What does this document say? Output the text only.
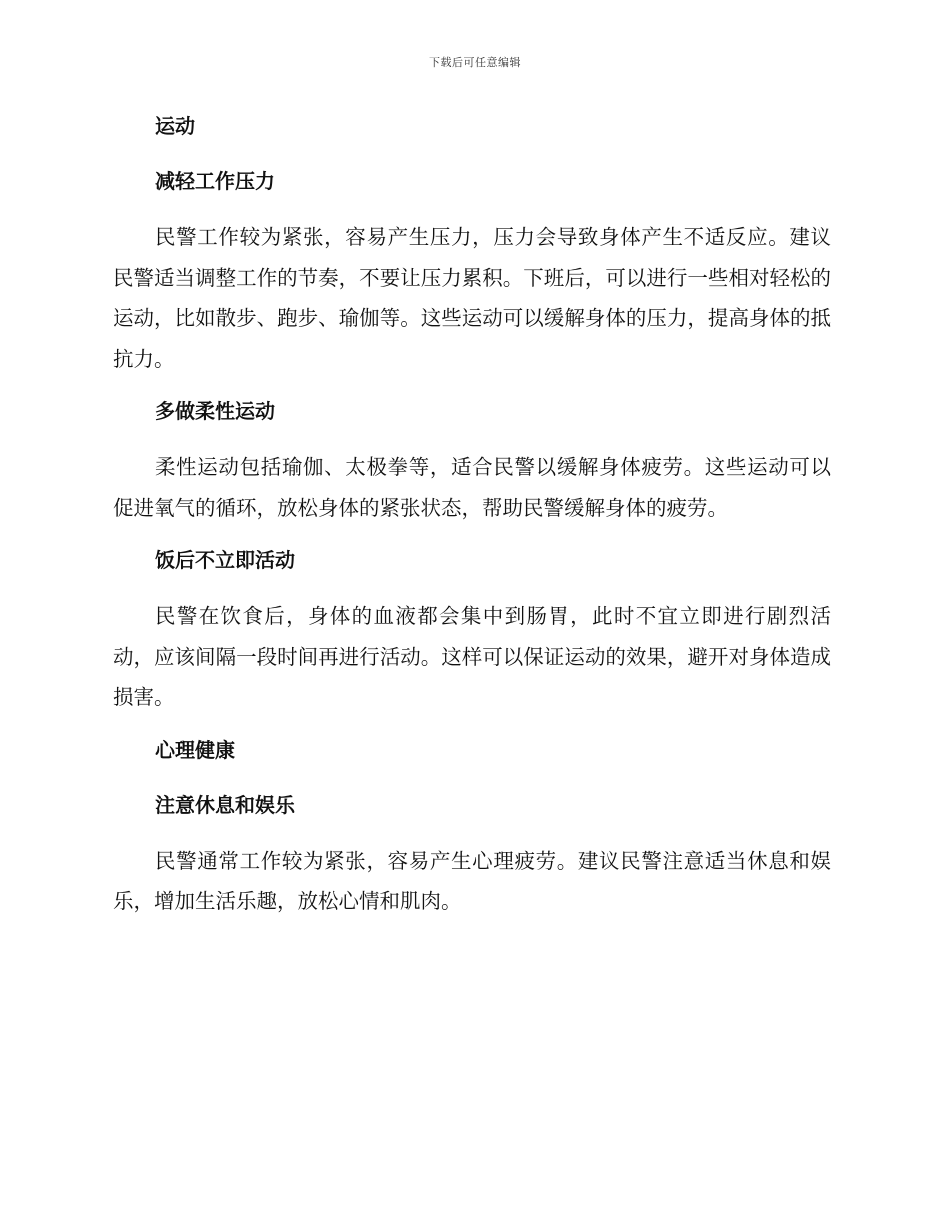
下载后可任意编辑
运动
减轻工作压力

民警工作较为紧张，容易产生压力，压力会导致身体产生不适反应。建议民警适当调整工作的节奏，不要让压力累积。下班后，可以进行一些相对轻松的运动，比如散步、跑步、瑜伽等。这些运动可以缓解身体的压力，提高身体的抵抗力。

多做柔性运动

柔性运动包括瑜伽、太极拳等，适合民警以缓解身体疲劳。这些运动可以促进氧气的循环，放松身体的紧张状态，帮助民警缓解身体的疲劳。

饭后不立即活动

民警在饮食后，身体的血液都会集中到肠胃，此时不宜立即进行剧烈活动，应该间隔一段时间再进行活动。这样可以保证运动的效果，避开对身体造成损害。

心理健康
注意休息和娱乐

民警通常工作较为紧张，容易产生心理疲劳。建议民警注意适当休息和娱乐，增加生活乐趣，放松心情和肌肉。
